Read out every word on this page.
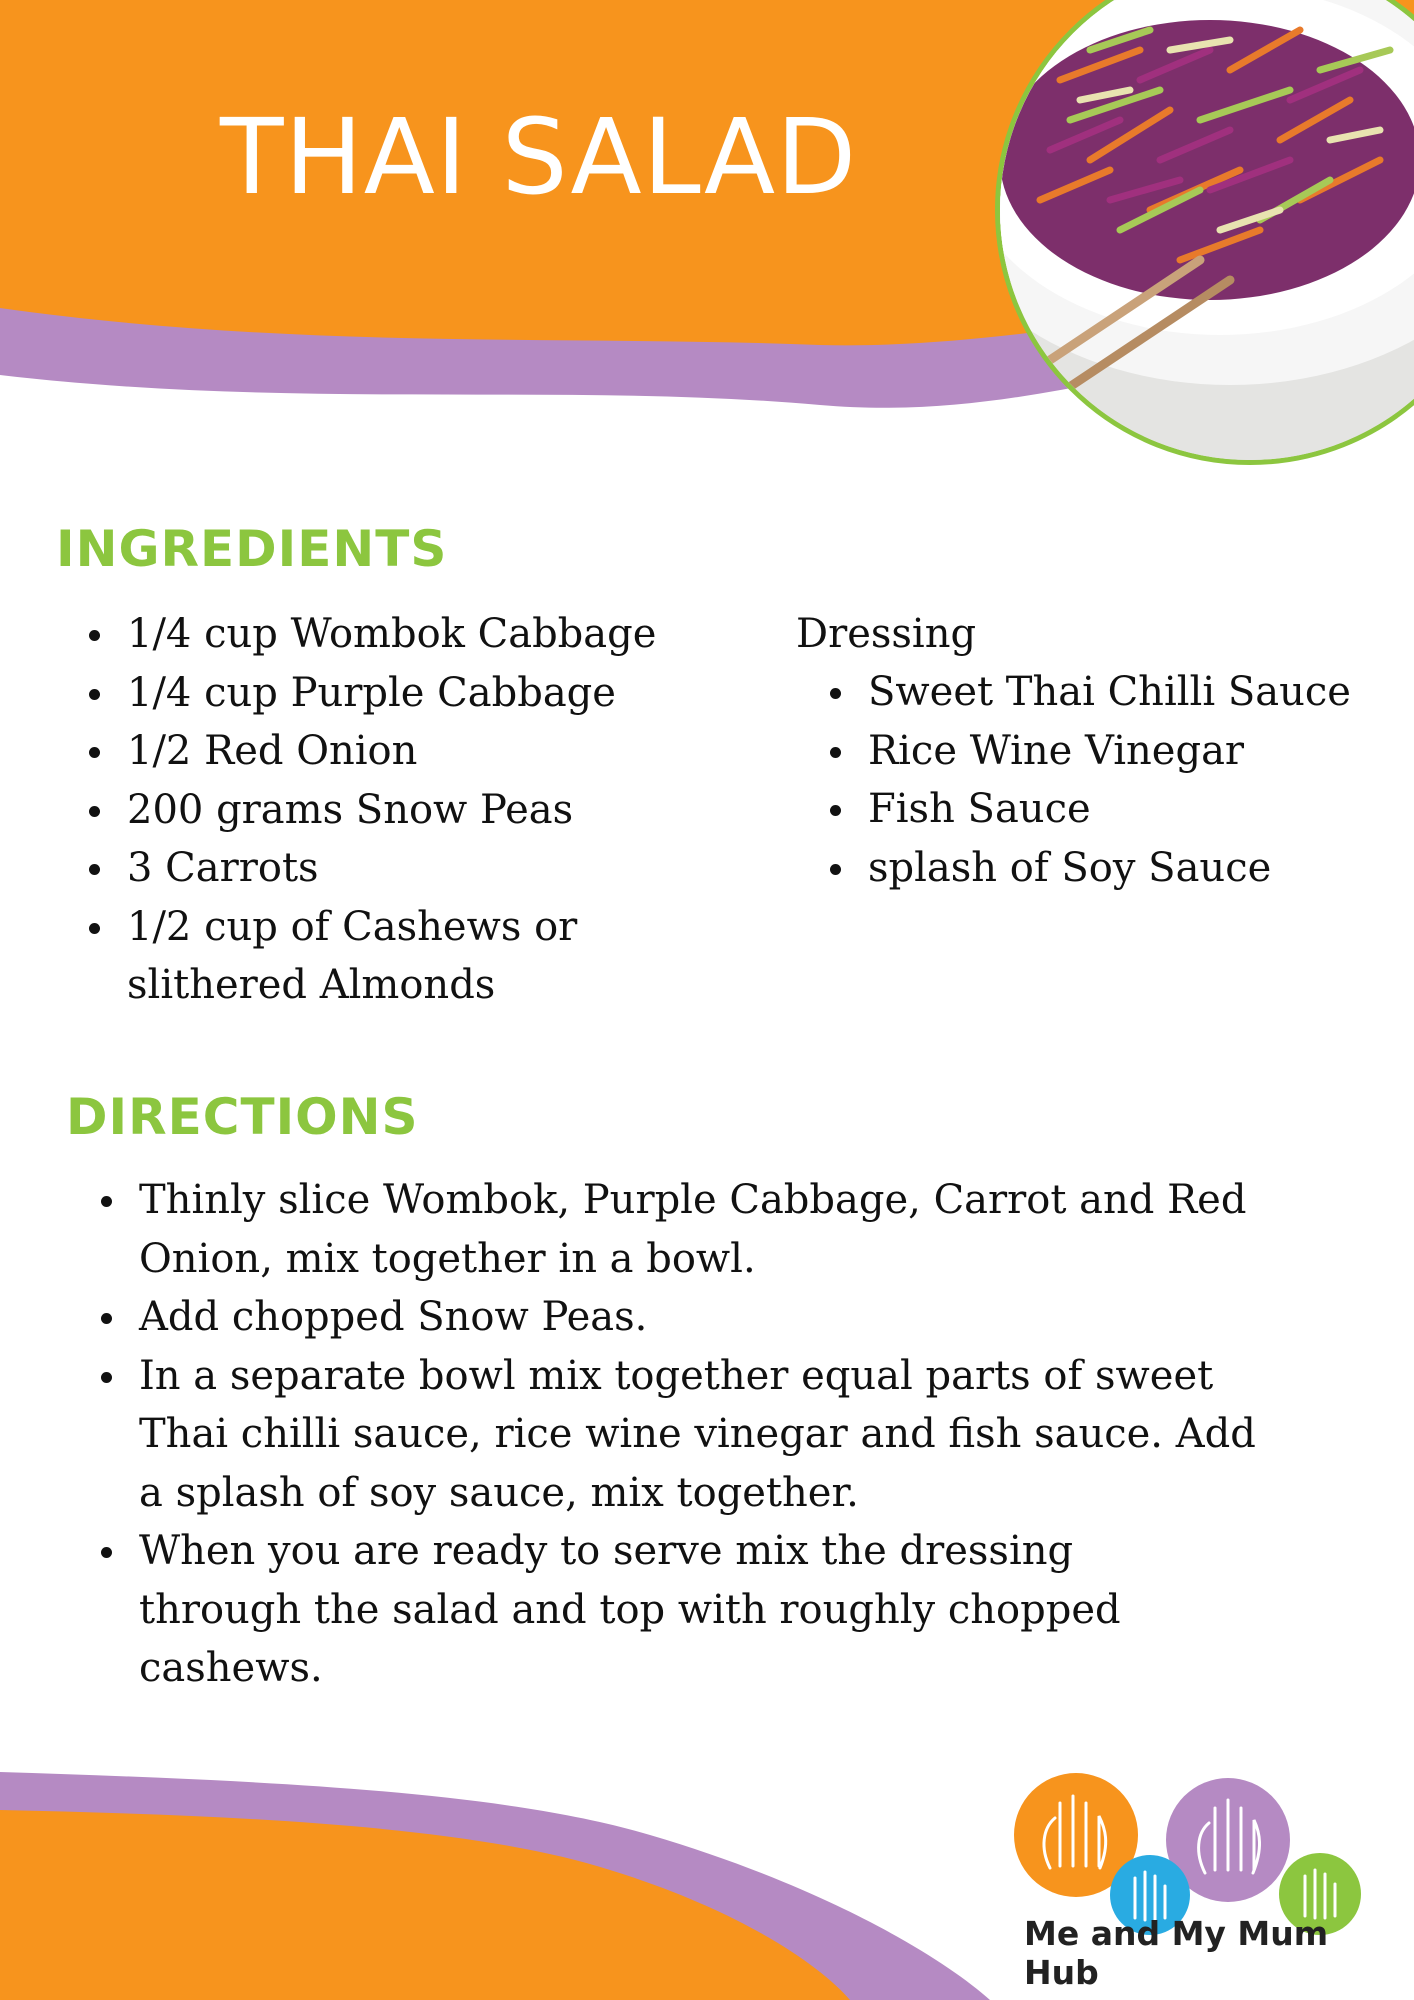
THAI SALAD
INGREDIENTS
1/4 cup Wombok Cabbage
1/4 cup Purple Cabbage
1/2 Red Onion
200 grams Snow Peas
3 Carrots
1/2 cup of Cashews or slithered Almonds
Dressing
Sweet Thai Chilli Sauce
Rice Wine Vinegar
Fish Sauce
splash of Soy Sauce
DIRECTIONS
Thinly slice Wombok, Purple Cabbage, Carrot and Red Onion, mix together in a bowl.
Add chopped Snow Peas.
In a separate bowl mix together equal parts of sweet Thai chilli sauce, rice wine vinegar and fish sauce. Add a splash of soy sauce, mix together.
When you are ready to serve mix the dressing through the salad and top with roughly chopped cashews.
Me and My Mum Hub
